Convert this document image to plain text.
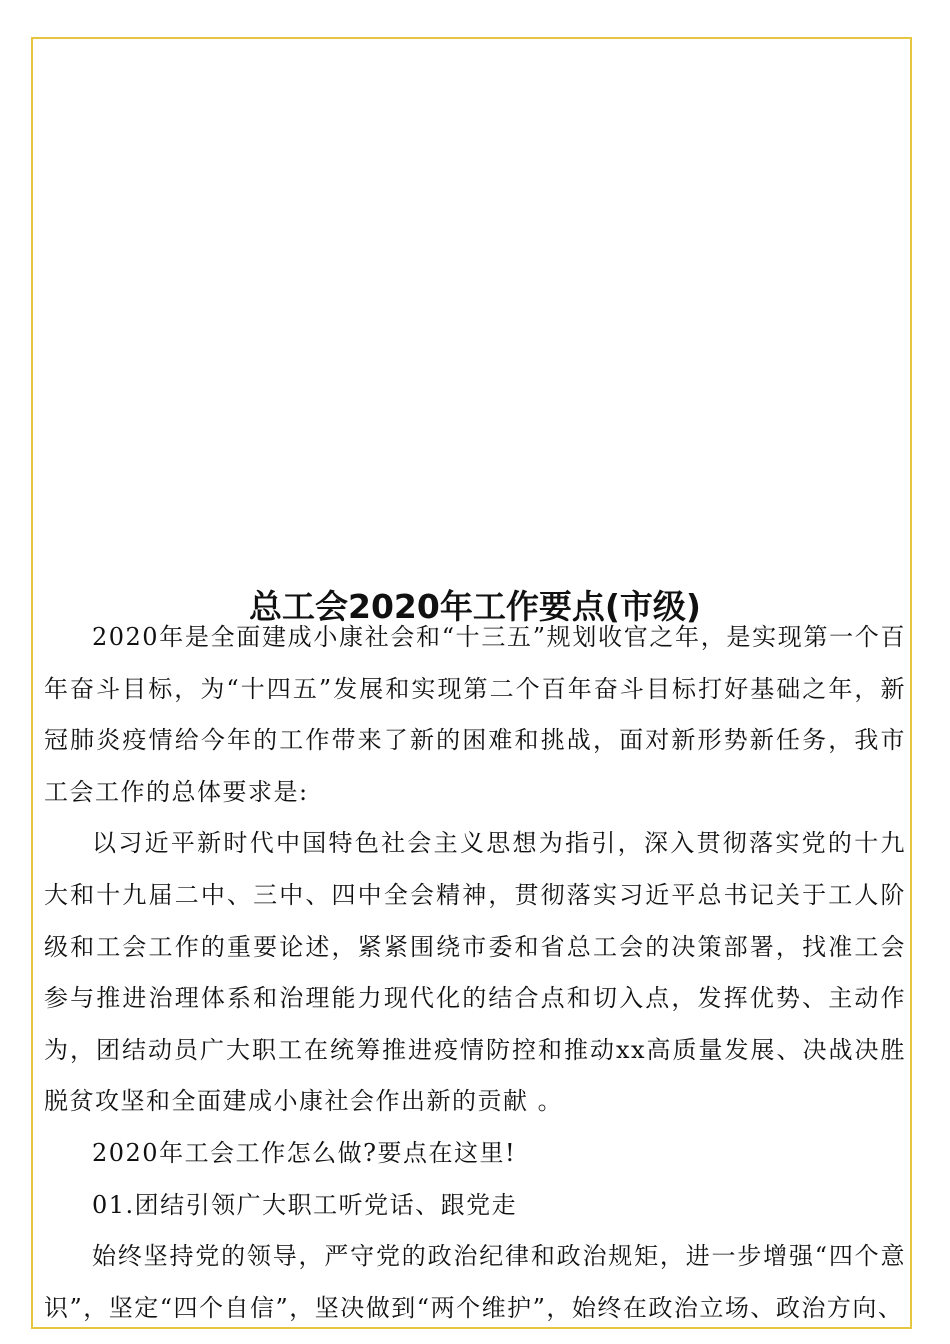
总工会2020年工作要点(市级)

2020年是全面建成小康社会和“十三五”规划收官之年，是实现第一个百年奋斗目标，为“十四五”发展和实现第二个百年奋斗目标打好基础之年，新冠肺炎疫情给今年的工作带来了新的困难和挑战，面对新形势新任务，我市工会工作的总体要求是:

以习近平新时代中国特色社会主义思想为指引，深入贯彻落实党的十九大和十九届二中、三中、四中全会精神，贯彻落实习近平总书记关于工人阶级和工会工作的重要论述，紧紧围绕市委和省总工会的决策部署，找准工会参与推进治理体系和治理能力现代化的结合点和切入点，发挥优势、主动作为，团结动员广大职工在统筹推进疫情防控和推动xx高质量发展、决战决胜脱贫攻坚和全面建成小康社会作出新的贡献 。

2020年工会工作怎么做?要点在这里!

01.团结引领广大职工听党话、跟党走

始终坚持党的领导，严守党的政治纪律和政治规矩，进一步增强“四个意识”，坚定“四个自信”，坚决做到“两个维护”，始终在政治立场、政治方向、
